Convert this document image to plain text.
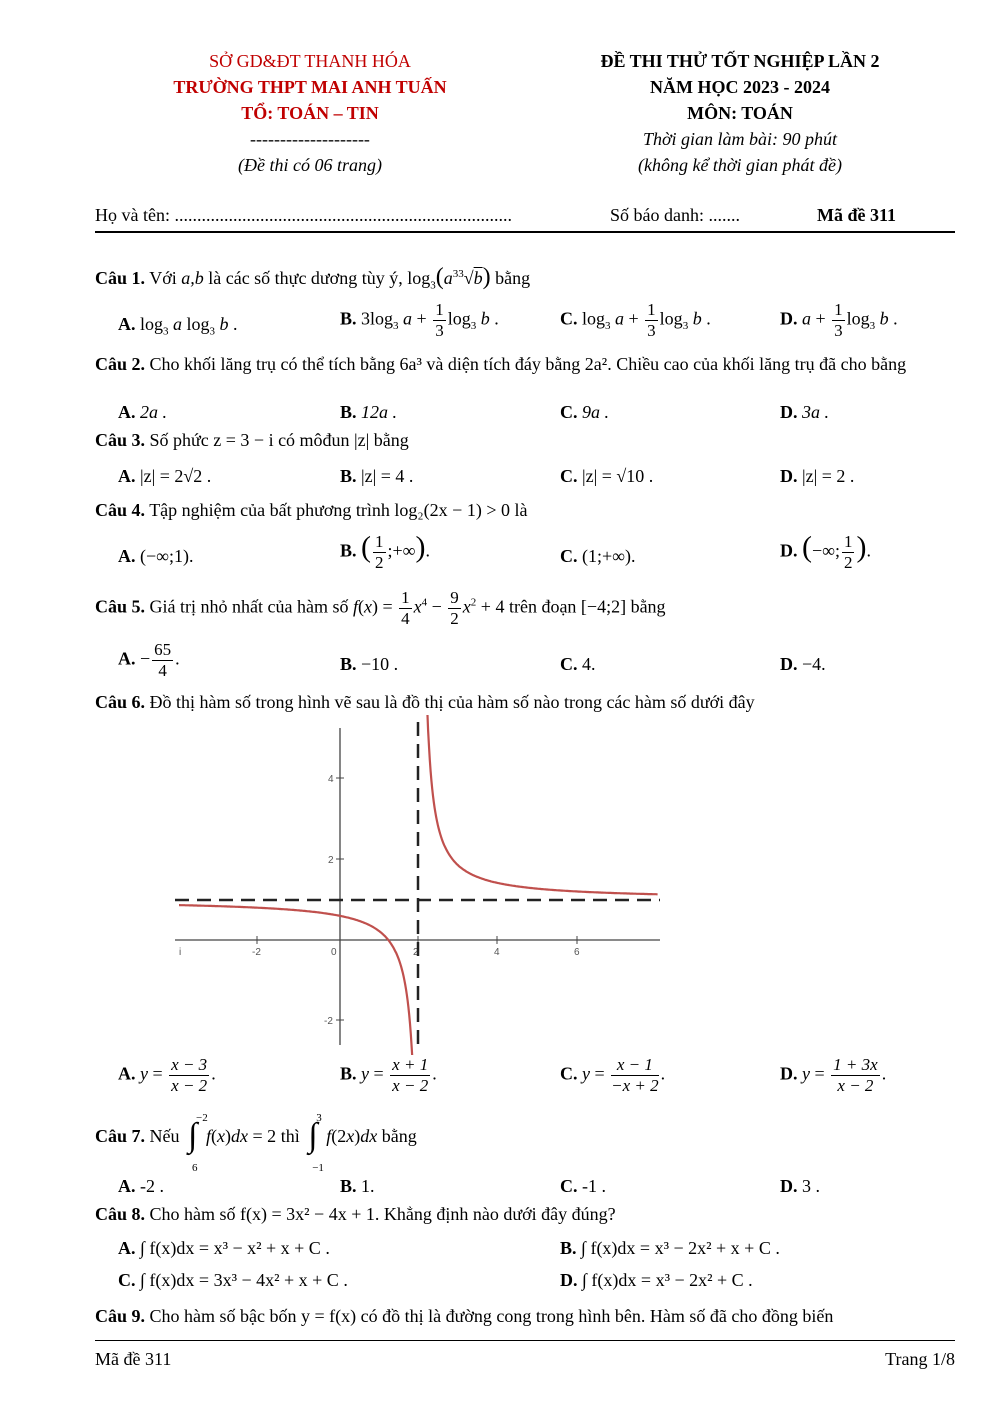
SỞ GD&ĐT THANH HÓA
TRƯỜNG THPT MAI ANH TUẤN
TỔ: TOÁN – TIN
--------------------
(Đề thi có 06 trang)
ĐỀ THI THỬ TỐT NGHIỆP LẦN 2
NĂM HỌC 2023 - 2024
MÔN: TOÁN
Thời gian làm bài: 90 phút
(không kể thời gian phát đề)
Họ và tên: ...........................................................................	Số báo danh: .......	Mã đề 311
Câu 1. Với a,b là các số thực dương tùy ý, $\log_3(a^{33}√b)$ bằng
A. $\log_3 a$ $\log_3 b$ .	B. $3\log_3$ $a + \frac{1}{3} \log_3 b$ .	C. $\log_3 a + \frac{1}{3} \log_3 b$ .	D. $a + \frac{1}{3} \log_3 b$ .
Câu 2. Cho khối lăng trụ có thể tích bằng 6a³ và diện tích đáy bằng 2a². Chiều cao của khối lăng trụ đã cho bằng
A. 2a .	B. 12a .	C. 9a .	D. 3a .
Câu 3. Số phức z = 3 − i có môđun |z| bằng
A. |z| = 2√2 .	B. |z| = 4 .	C. |z| = √10 .	D. |z| = 2 .
Câu 4. Tập nghiệm của bất phương trình log₂(2x − 1) > 0 là
A. (−∞;1).	B. ( $\frac{1}{2}$ ;+∞).	C. (1;+∞).	D. (−∞; $\frac{1}{2}$ ).
Câu 5. Giá trị nhỏ nhất của hàm số $f(x) = \frac{1}{4} x^4 - \frac{9}{2} x^2 + 4$ trên đoạn [−4;2] bằng
A. − $\frac{65}{4}$ .	B. −10 .	C. 4.	D. −4.
Câu 6. Đồ thị hàm số trong hình vẽ sau là đồ thị của hàm số nào trong các hàm số dưới đây
i	-2	0	2	4	6
4
2
-2
A. $y = \frac{x - 3}{x - 2}$ .	B. $y = \frac{x + 1}{x - 2}$ .	C. $y = \frac{x - 1}{-x + 2}$ .	D. $y = \frac{1 + 3x}{x - 2}$ .
Câu 7. Nếu
−2
∫
6
f(x)dx = 2 thì
3
∫
−1
f(2x)dx bằng
A. -2 .	B. 1.	C. -1 .	D. 3 .
Câu 8. Cho hàm số f(x) = 3x² − 4x + 1. Khẳng định nào dưới đây đúng?
A. ∫ f(x)dx = x³ − x² + x + C .	B. ∫ f(x)dx = x³ − 2x² + x + C .
C. ∫ f(x)dx = 3x³ − 4x² + x + C .	D. ∫ f(x)dx = x³ − 2x² + C .
Câu 9. Cho hàm số bậc bốn y = f(x) có đồ thị là đường cong trong hình bên. Hàm số đã cho đồng biến
Mã đề 311	Trang 1/8
